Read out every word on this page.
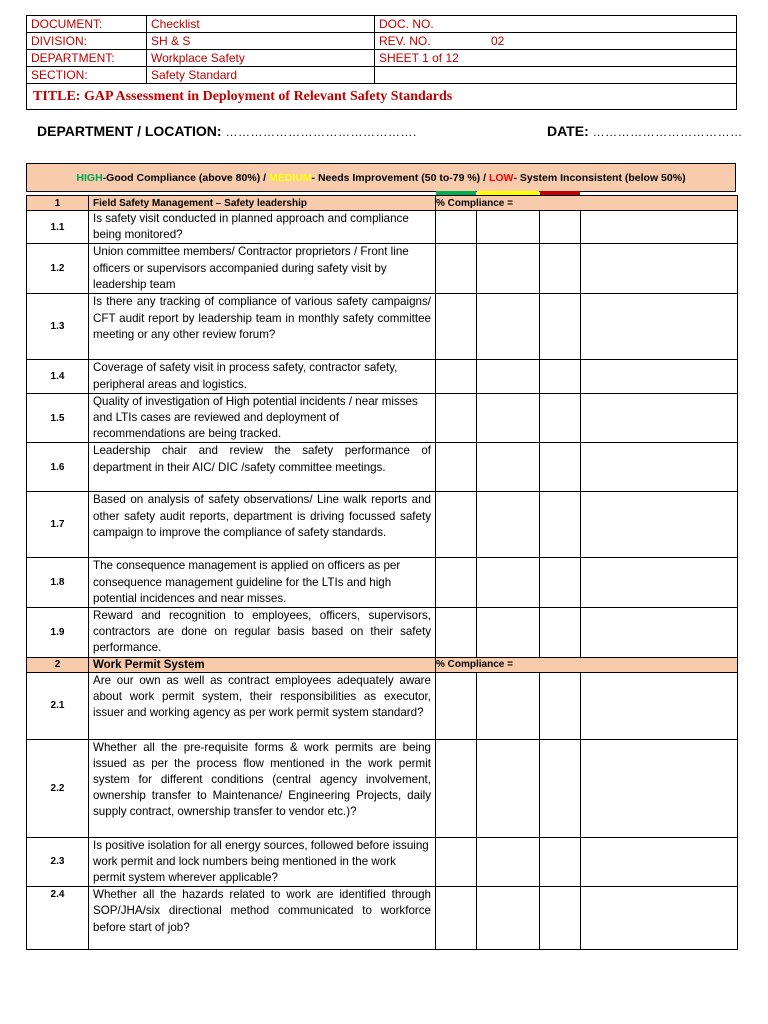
DOCUMENT:	Checklist	DOC. NO.
DIVISION:	SH & S	REV. NO. 02
DEPARTMENT:	Workplace Safety	SHEET 1 of 12
SECTION:	Safety Standard	
TITLE: GAP Assessment in Deployment of Relevant Safety Standards		
DEPARTMENT / LOCATION: ……………………………………….	DATE: ………………………………
HIGH -Good Compliance (above 80%) / MEDIUM - Needs Improvement (50 to-79 %) / LOW - System Inconsistent (below 50%)
1	Field Safety Management – Safety leadership	% Compliance =			
1.1	Is safety visit conducted in planned approach and compliance being monitored?				
1.2	Union committee members/ Contractor proprietors / Front line officers or supervisors accompanied during safety visit by leadership team				
1.3	Is there any tracking of compliance of various safety campaigns/ CFT audit report by leadership team in monthly safety committee meeting or any other review forum?				
1.4	Coverage of safety visit in process safety, contractor safety, peripheral areas and logistics.				
1.5	Quality of investigation of High potential incidents / near misses and LTIs cases are reviewed and deployment of recommendations are being tracked.				
1.6	Leadership chair and review the safety performance of department in their AIC/ DIC /safety committee meetings.				
1.7	Based on analysis of safety observations/ Line walk reports and other safety audit reports, department is driving focussed safety campaign to improve the compliance of safety standards.				
1.8	The consequence management is applied on officers as per consequence management guideline for the LTIs and high potential incidences and near misses.				
1.9	Reward and recognition to employees, officers, supervisors, contractors are done on regular basis based on their safety performance.				
2	Work Permit System	% Compliance =			
2.1	Are our own as well as contract employees adequately aware about work permit system, their responsibilities as executor, issuer and working agency as per work permit system standard?				
2.2	Whether all the pre-requisite forms & work permits are being issued as per the process flow mentioned in the work permit system for different conditions (central agency involvement, ownership transfer to Maintenance/ Engineering Projects, daily supply contract, ownership transfer to vendor etc.)?				
2.3	Is positive isolation for all energy sources, followed before issuing work permit and lock numbers being mentioned in the work permit system wherever applicable?				
2.4	Whether all the hazards related to work are identified through SOP/JHA/six directional method communicated to workforce before start of job?				
